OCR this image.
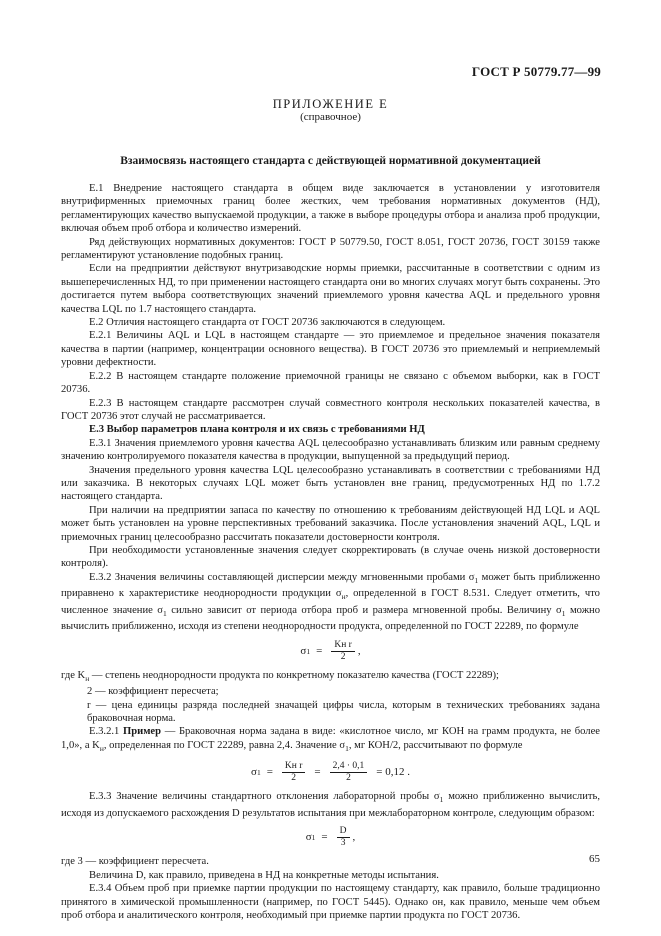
ГОСТ Р 50779.77—99
ПРИЛОЖЕНИЕ Е
(справочное)
Взаимосвязь настоящего стандарта с действующей нормативной документацией

Е.1 Внедрение настоящего стандарта в общем виде заключается в установлении у изготовителя внутрифирменных приемочных границ более жестких, чем требования нормативных документов (НД), регламентирующих качество выпускаемой продукции, а также в выборе процедуры отбора и анализа проб продукции, включая объем проб отбора и количество измерений.

Ряд действующих нормативных документов: ГОСТ Р 50779.50, ГОСТ 8.051, ГОСТ 20736, ГОСТ 30159 также регламентируют установление подобных границ.

Если на предприятии действуют внутризаводские нормы приемки, рассчитанные в соответствии с одним из вышеперечисленных НД, то при применении настоящего стандарта они во многих случаях могут быть сохранены. Это достигается путем выбора соответствующих значений приемлемого уровня качества AQL и предельного уровня качества LQL по 1.7 настоящего стандарта.

Е.2 Отличия настоящего стандарта от ГОСТ 20736 заключаются в следующем.

Е.2.1 Величины AQL и LQL в настоящем стандарте — это приемлемое и предельное значения показателя качества в партии (например, концентрации основного вещества). В ГОСТ 20736 это приемлемый и неприемлемый уровни дефектности.

Е.2.2 В настоящем стандарте положение приемочной границы не связано с объемом выборки, как в ГОСТ 20736.

Е.2.3 В настоящем стандарте рассмотрен случай совместного контроля нескольких показателей качества, в ГОСТ 20736 этот случай не рассматривается.

Е.3 Выбор параметров плана контроля и их связь с требованиями НД

Е.3.1 Значения приемлемого уровня качества AQL целесообразно устанавливать близким или равным среднему значению контролируемого показателя качества в продукции, выпущенной за предыдущий период.

Значения предельного уровня качества LQL целесообразно устанавливать в соответствии с требованиями НД или заказчика. В некоторых случаях LQL может быть установлен вне границ, предусмотренных НД по 1.7.2 настоящего стандарта.

При наличии на предприятии запаса по качеству по отношению к требованиям действующей НД LQL и AQL может быть установлен на уровне перспективных требований заказчика. После установления значений AQL, LQL и приемочных границ целесообразно рассчитать показатели достоверности контроля.

При необходимости установленные значения следует скорректировать (в случае очень низкой достоверности контроля).

Е.3.2 Значения величины составляющей дисперсии между мгновенными пробами $\sigma_1$ может быть приближенно приравнено к характеристике неоднородности продукции $\sigma_н$, определенной в ГОСТ 8.531. Следует отметить, что численное значение $\sigma_1$ сильно зависит от периода отбора проб и размера мгновенной пробы. Величину $\sigma_1$ можно вычислить приближенно, исходя из степени неоднородности продукта, определенной по ГОСТ 22289, по формуле

σ $1 = \frac{\text{Kн r}}{2}$ ,

где $K_н$ — степень неоднородности продукта по конкретному показателю качества (ГОСТ 22289);

2 — коэффициент пересчета;

r — цена единицы разряда последней значащей цифры числа, которым в технических требованиях задана браковочная норма.

Е.3.2.1 Пример — Браковочная норма задана в виде: «кислотное число, мг КОН на грамм продукта, не более 1,0», а $K_н$, определенная по ГОСТ 22289, равна 2,4. Значение $\sigma_1$, мг КОН/2, рассчитывают по формуле

σ $1 = \frac{\text{Kн r}}{2} = \frac{2,4 \cdot 0,1}{2} = 0,12$ .

Е.3.3 Значение величины стандартного отклонения лабораторной пробы $\sigma_1$ можно приближенно вычислить, исходя из допускаемого расхождения D результатов испытания при межлабораторном контроле, следующим образом:

σ $1 = \frac{D}{3}$ ,

где 3 — коэффициент пересчета.

Величина D, как правило, приведена в НД на конкретные методы испытания.

Е.3.4 Объем проб при приемке партии продукции по настоящему стандарту, как правило, больше традиционно принятого в химической промышленности (например, по ГОСТ 5445). Однако он, как правило, меньше чем объем проб отбора и аналитического контроля, необходимый при приемке партии продукта по ГОСТ 20736.

65
